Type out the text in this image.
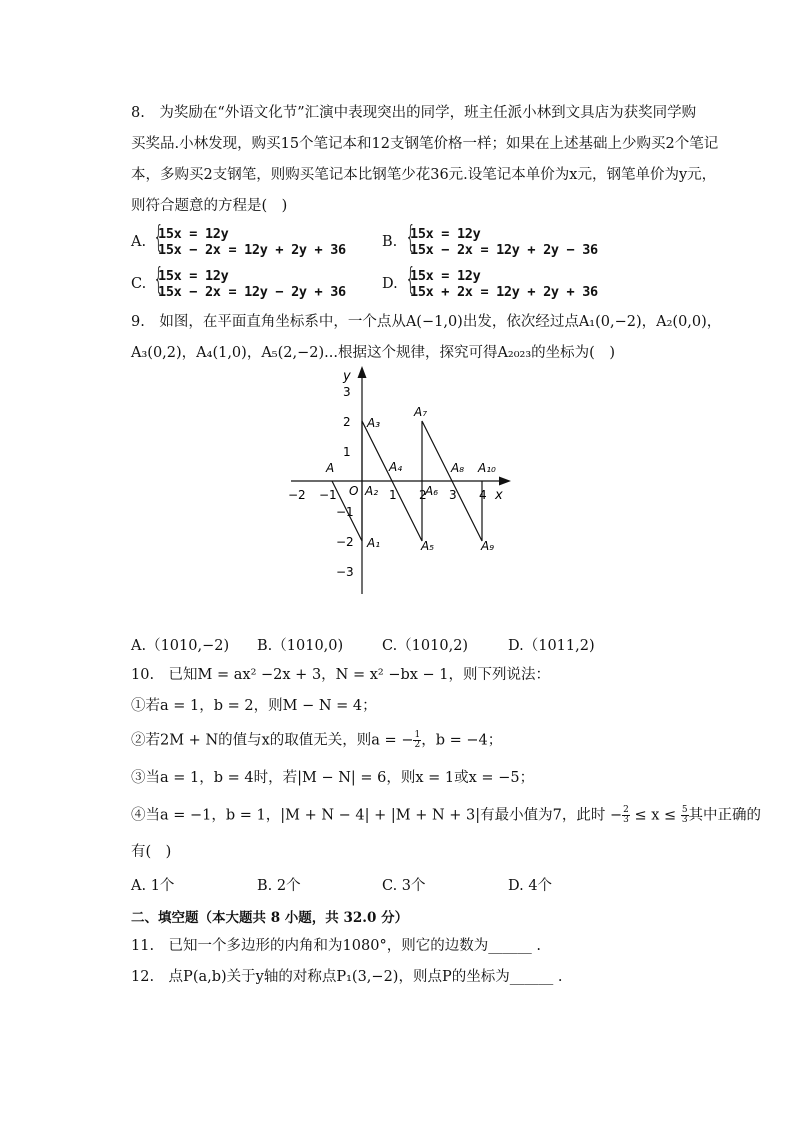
8.　为奖励在“外语文化节”汇演中表现突出的同学，班主任派小林到文具店为获奖同学购
买奖品.小林发现，购买15个笔记本和12支钢笔价格一样；如果在上述基础上少购买2个笔记
本，多购买2支钢笔，则购买笔记本比钢笔少花36元.设笔记本单价为x元，钢笔单价为y元，
则符合题意的方程是(　)
A. {
15x = 12y
15x − 2x = 12y + 2y + 36 B. {
15x = 12y
15x − 2x = 12y + 2y − 36
C. {
15x = 12y
15x − 2x = 12y − 2y + 36 D. {
15x = 12y
15x + 2x = 12y + 2y + 36
9.　如图，在平面直角坐标系中，一个点从A(−1,0)出发，依次经过点A₁(0,−2)，A₂(0,0)，
A₃(0,2)，A₄(1,0)，A₅(2,−2)...根据这个规律，探究可得A₂₀₂₃的坐标为(　)
y
x
O
3
2
1
−1
−2
−3
−2 −1	1 2 3 4
A
A₁
A₂
A₃
A₄
A₅
A₆
A₇
A₈
A₉
A₁₀
A.（1010,−2) B.（1010,0)	C.（1010,2)	D.（1011,2)
10.　已知M = ax² −2x + 3，N = x² −bx − 1，则下列说法：
①若a = 1，b = 2，则M − N = 4；
②若2M + N的值与x的取值无关，则a = − $\frac{1}{2}$ ，b = −4；
③当a = 1，b = 4时，若|M − N| = 6，则x = 1或x = −5；
④当a = −1，b = 1，|M + N − 4| + |M + N + 3|有最小值为7，此时 − $\frac{2}{3} \le x \le \frac{5}{3}$ 其中正确的
有(　)
A. 1个	B. 2个	C. 3个	D. 4个
二、填空题（本大题共 8 小题，共 32.0 分）
11.　已知一个多边形的内角和为1080°，则它的边数为______ .
12.　点P(a,b)关于y轴的对称点P₁(3,−2)，则点P的坐标为______ .
